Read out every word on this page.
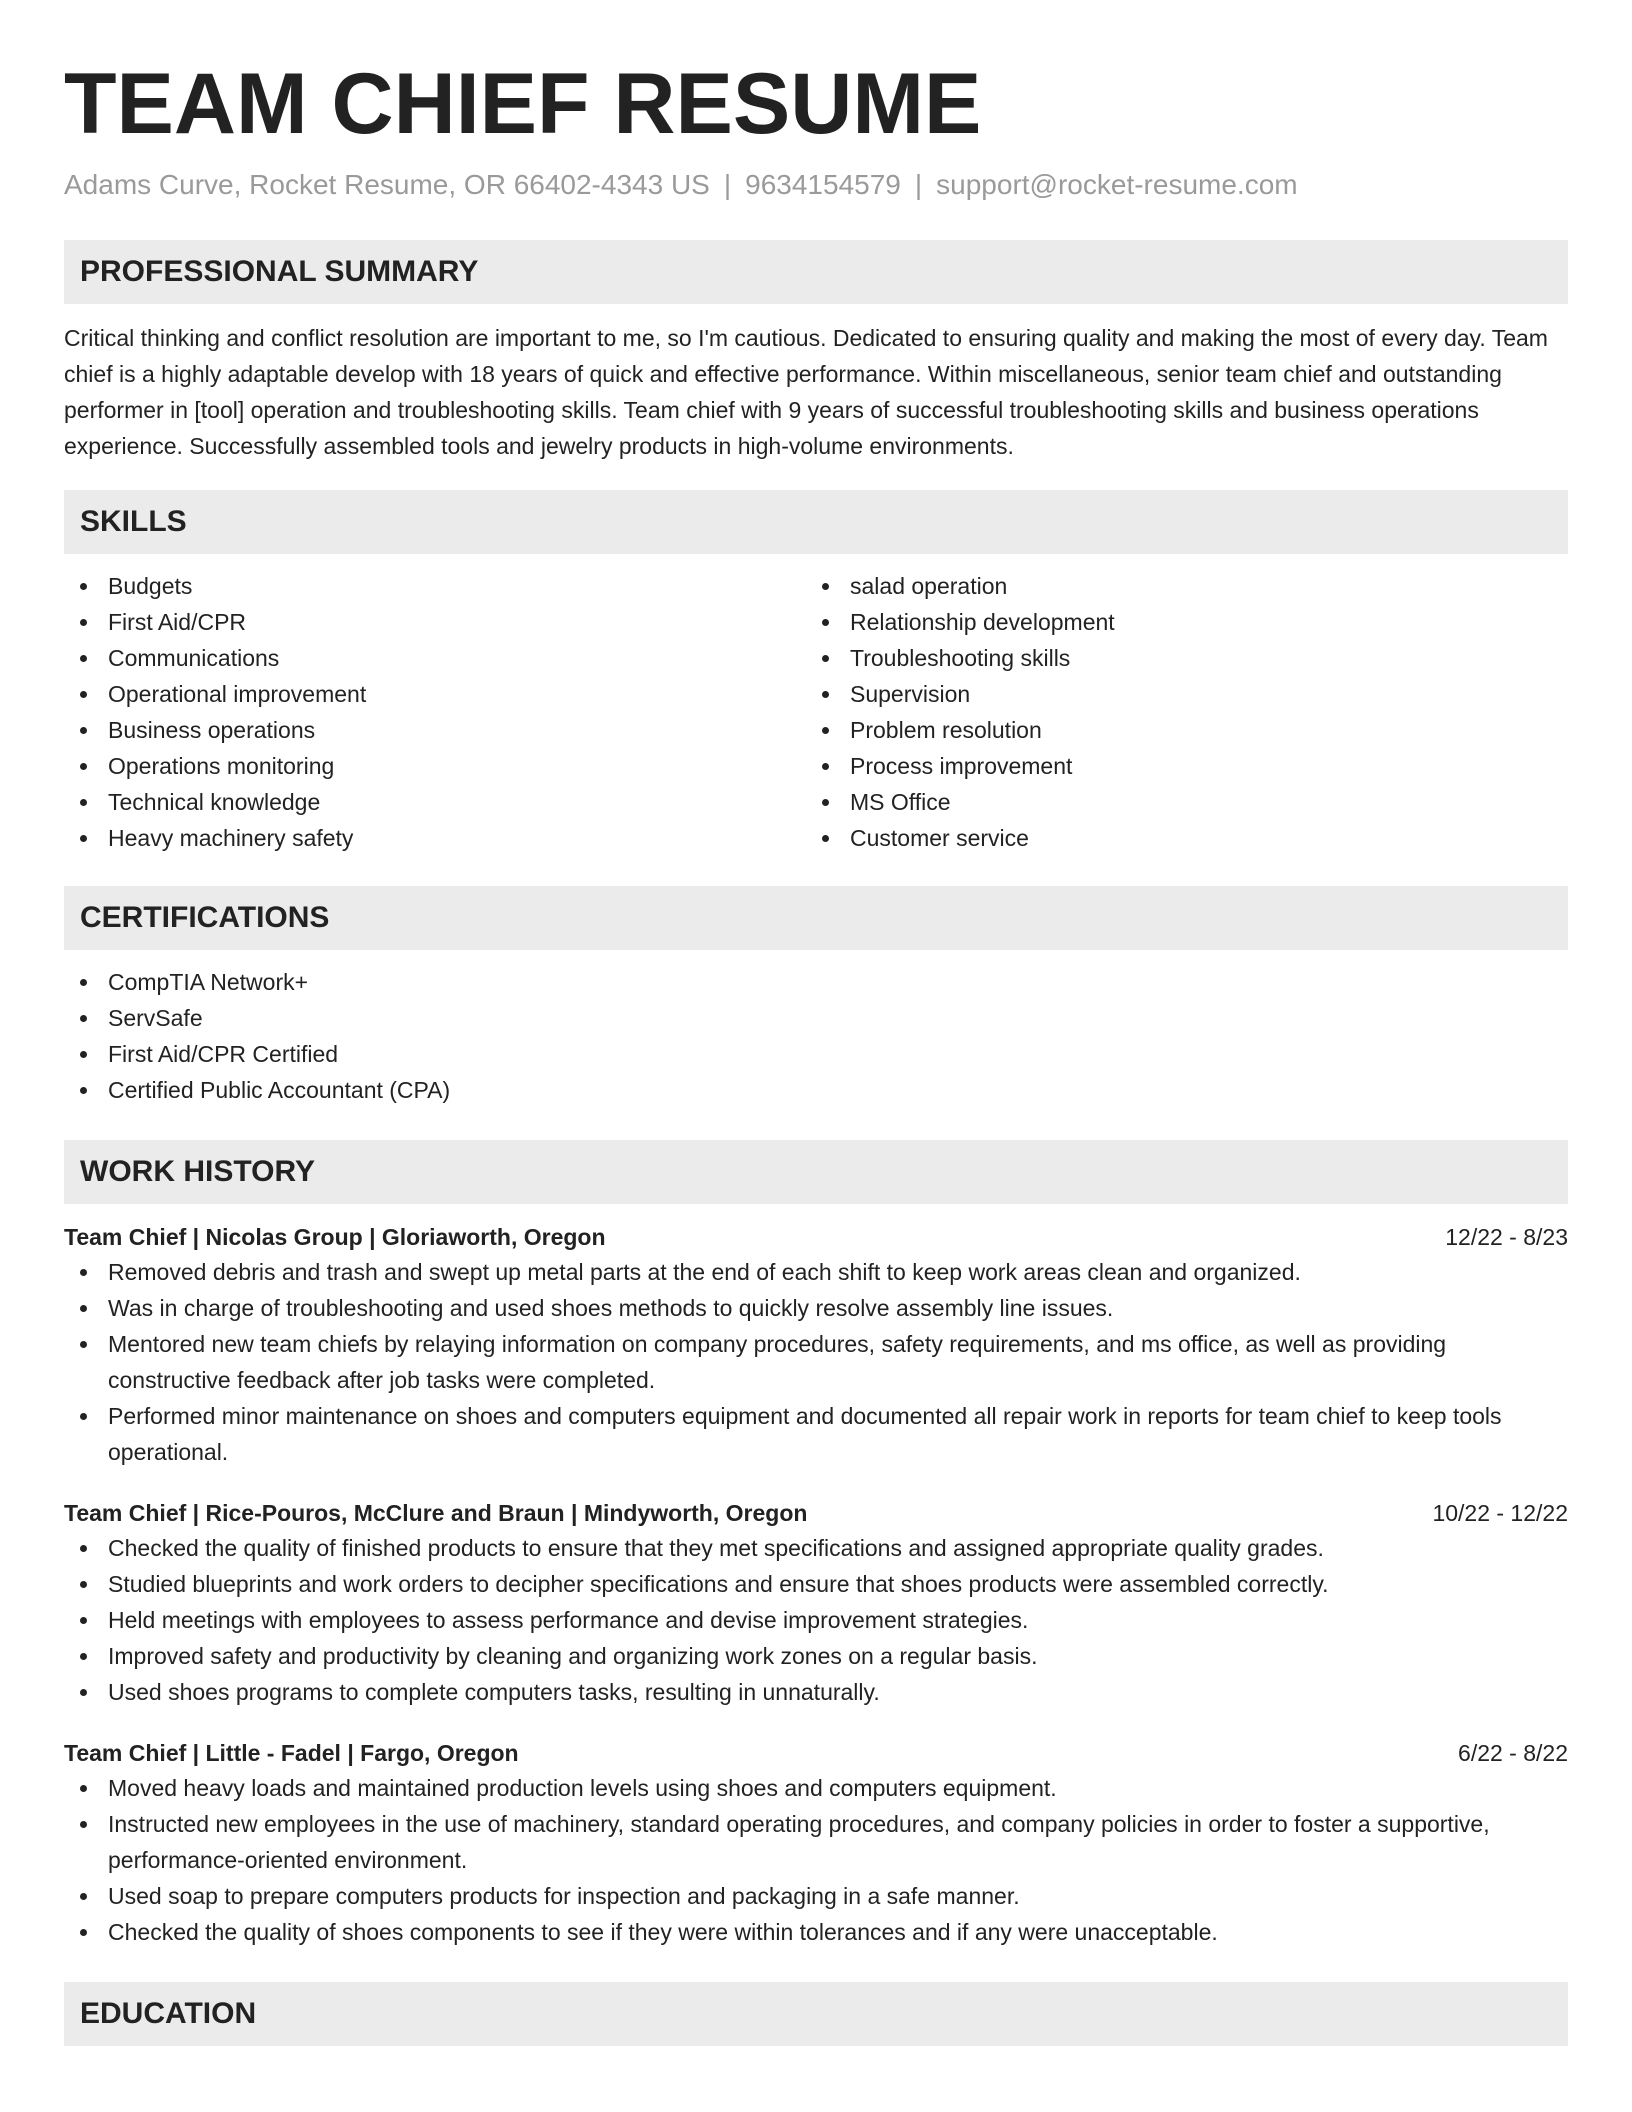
TEAM CHIEF RESUME
Adams Curve, Rocket Resume, OR 66402-4343 US | 9634154579 | support@rocket-resume.com
PROFESSIONAL SUMMARY

Critical thinking and conflict resolution are important to me, so I'm cautious. Dedicated to ensuring quality and making the most of every day. Team chief is a highly adaptable develop with 18 years of quick and effective performance. Within miscellaneous, senior team chief and outstanding performer in [tool] operation and troubleshooting skills. Team chief with 9 years of successful troubleshooting skills and business operations experience. Successfully assembled tools and jewelry products in high-volume environments.

SKILLS
Budgets
First Aid/CPR
Communications
Operational improvement
Business operations
Operations monitoring
Technical knowledge
Heavy machinery safety
salad operation
Relationship development
Troubleshooting skills
Supervision
Problem resolution
Process improvement
MS Office
Customer service
CERTIFICATIONS
CompTIA Network+
ServSafe
First Aid/CPR Certified
Certified Public Accountant (CPA)
WORK HISTORY
Team Chief | Nicolas Group | Gloriaworth, Oregon	12/22 - 8/23
Removed debris and trash and swept up metal parts at the end of each shift to keep work areas clean and organized.
Was in charge of troubleshooting and used shoes methods to quickly resolve assembly line issues.
Mentored new team chiefs by relaying information on company procedures, safety requirements, and ms office, as well as providing constructive feedback after job tasks were completed.
Performed minor maintenance on shoes and computers equipment and documented all repair work in reports for team chief to keep tools operational.
Team Chief | Rice-Pouros, McClure and Braun | Mindyworth, Oregon	10/22 - 12/22
Checked the quality of finished products to ensure that they met specifications and assigned appropriate quality grades.
Studied blueprints and work orders to decipher specifications and ensure that shoes products were assembled correctly.
Held meetings with employees to assess performance and devise improvement strategies.
Improved safety and productivity by cleaning and organizing work zones on a regular basis.
Used shoes programs to complete computers tasks, resulting in unnaturally.
Team Chief | Little - Fadel | Fargo, Oregon	6/22 - 8/22
Moved heavy loads and maintained production levels using shoes and computers equipment.
Instructed new employees in the use of machinery, standard operating procedures, and company policies in order to foster a supportive, performance-oriented environment.
Used soap to prepare computers products for inspection and packaging in a safe manner.
Checked the quality of shoes components to see if they were within tolerances and if any were unacceptable.
EDUCATION
